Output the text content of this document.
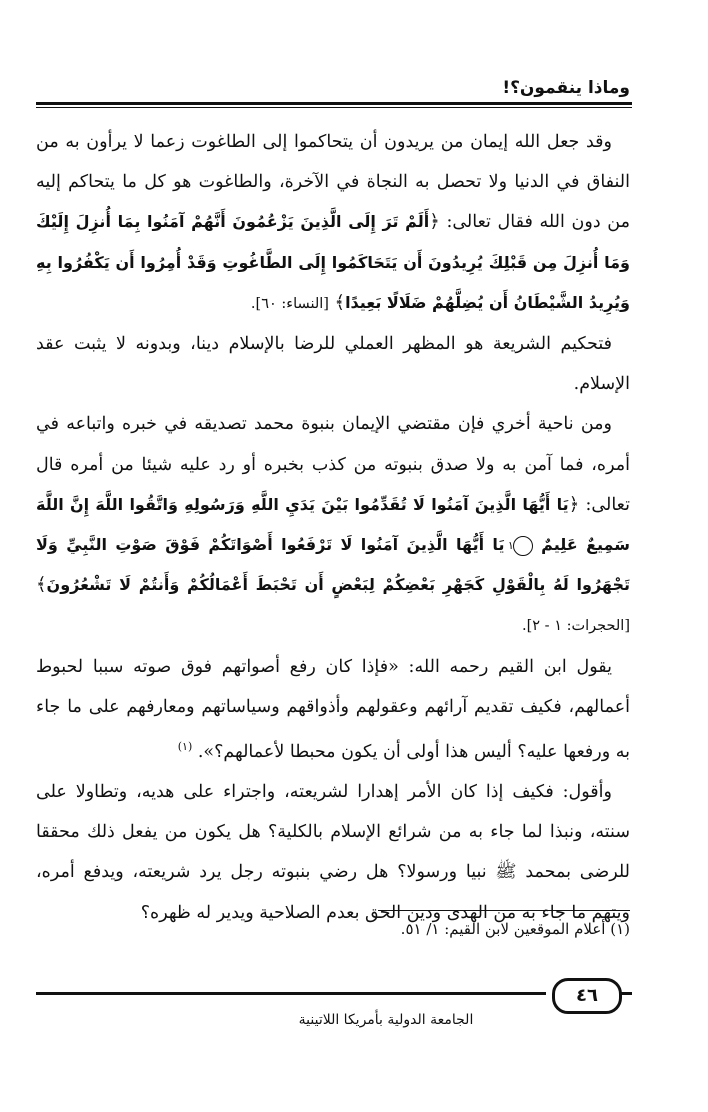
وماذا ينقمون؟!

وقد جعل الله إيمان من يريدون أن يتحاكموا إلى الطاغوت زعما لا يرأون به من النفاق في الدنيا ولا تحصل به النجاة في الآخرة، والطاغوت هو كل ما يتحاكم إليه من دون الله فقال تعالى: ﴿أَلَمْ تَرَ إِلَى الَّذِينَ يَزْعُمُونَ أَنَّهُمْ آمَنُوا بِمَا أُنزِلَ إِلَيْكَ وَمَا أُنزِلَ مِن قَبْلِكَ يُرِيدُونَ أَن يَتَحَاكَمُوا إِلَى الطَّاغُوتِ وَقَدْ أُمِرُوا أَن يَكْفُرُوا بِهِ وَيُرِيدُ الشَّيْطَانُ أَن يُضِلَّهُمْ ضَلَالًا بَعِيدًا﴾ [النساء: ٦٠].

فتحكيم الشريعة هو المظهر العملي للرضا بالإسلام دينا، وبدونه لا يثبت عقد الإسلام.

ومن ناحية أخري فإن مقتضي الإيمان بنبوة محمد تصديقه في خبره واتباعه في أمره، فما آمن به ولا صدق بنبوته من كذب بخبره أو رد عليه شيئا من أمره قال تعالى: ﴿يَا أَيُّهَا الَّذِينَ آمَنُوا لَا تُقَدِّمُوا بَيْنَ يَدَيِ اللَّهِ وَرَسُولِهِ وَاتَّقُوا اللَّهَ إِنَّ اللَّهَ سَمِيعٌ عَلِيمٌ ١ يَا أَيُّهَا الَّذِينَ آمَنُوا لَا تَرْفَعُوا أَصْوَاتَكُمْ فَوْقَ صَوْتِ النَّبِيِّ وَلَا تَجْهَرُوا لَهُ بِالْقَوْلِ كَجَهْرِ بَعْضِكُمْ لِبَعْضٍ أَن تَحْبَطَ أَعْمَالُكُمْ وَأَنتُمْ لَا تَشْعُرُونَ﴾ [الحجرات: ١ - ٢].

يقول ابن القيم رحمه الله: «فإذا كان رفع أصواتهم فوق صوته سببا لحبوط أعمالهم، فكيف تقديم آرائهم وعقولهم وأذواقهم وسياساتهم ومعارفهم على ما جاء به ورفعها عليه؟ أليس هذا أولى أن يكون محبطا لأعمالهم؟». $^{(١)}$

وأقول: فكيف إذا كان الأمر إهدارا لشريعته، واجتراء على هديه، وتطاولا على سنته، ونبذا لما جاء به من شرائع الإسلام بالكلية؟ هل يكون من يفعل ذلك محققا للرضى بمحمد ﷺ نبيا ورسولا؟ هل رضي بنبوته رجل يرد شريعته، ويدفع أمره، ويتهم ما جاء به من الهدى ودين الحق بعدم الصلاحية ويدير له ظهره؟

(١) أعلام الموقعين لابن القيم: ١/ ٥١.
٤٦
الجامعة الدولية بأمريكا اللاتينية
